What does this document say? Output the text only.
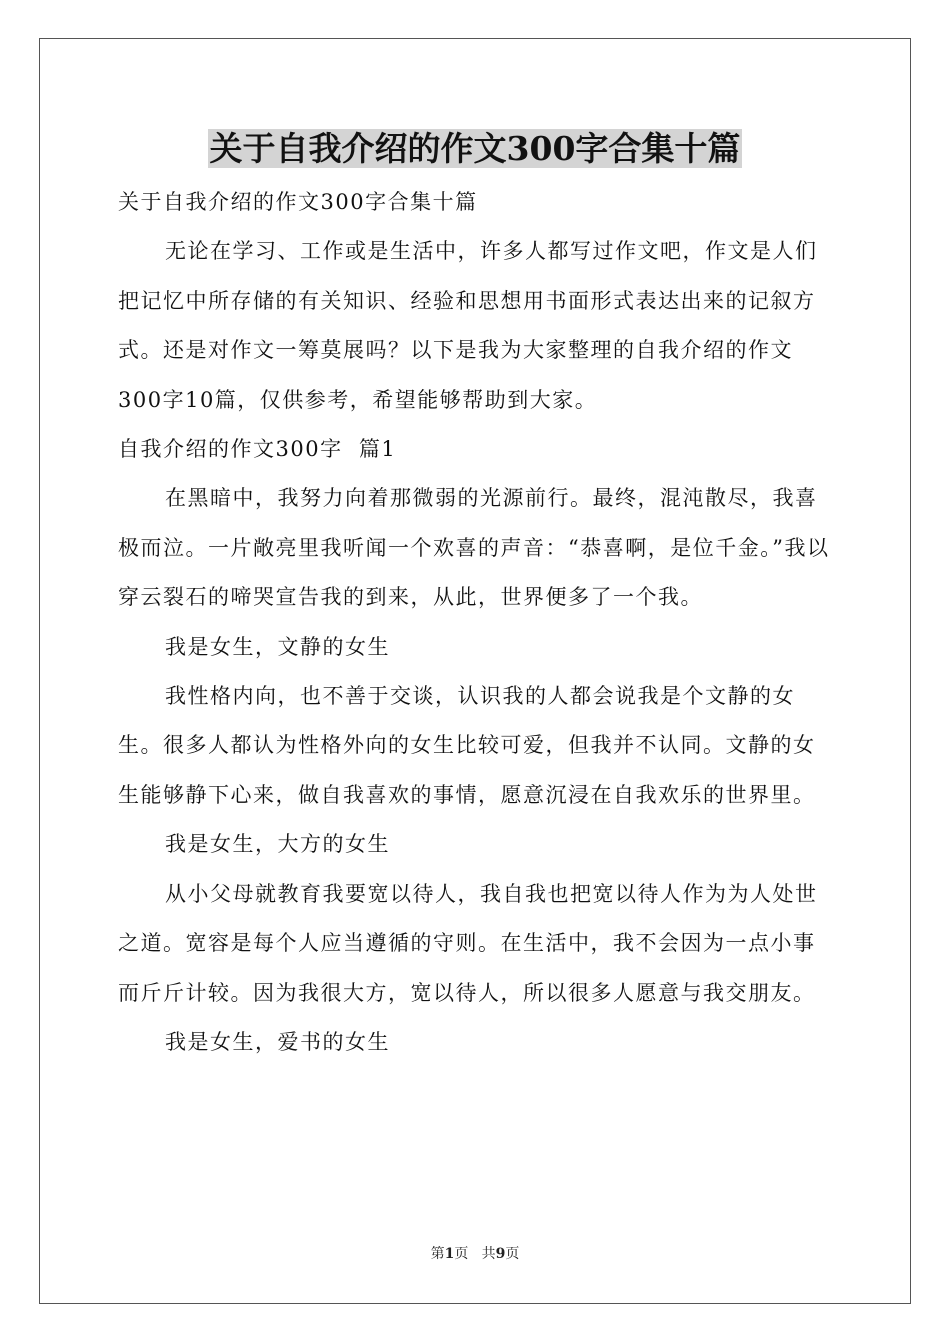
关于自我介绍的作文300字合集十篇

关于自我介绍的作文300字合集十篇

无论在学习、工作或是生活中，许多人都写过作文吧，作文是人们把记忆中所存储的有关知识、经验和思想用书面形式表达出来的记叙方式。还是对作文一筹莫展吗？以下是我为大家整理的自我介绍的作文300字10篇，仅供参考，希望能够帮助到大家。

自我介绍的作文300字  篇1

在黑暗中，我努力向着那微弱的光源前行。最终，混沌散尽，我喜极而泣。一片敞亮里我听闻一个欢喜的声音：“恭喜啊，是位千金。”我以穿云裂石的啼哭宣告我的到来，从此，世界便多了一个我。

我是女生，文静的女生

我性格内向，也不善于交谈，认识我的人都会说我是个文静的女生。很多人都认为性格外向的女生比较可爱，但我并不认同。文静的女生能够静下心来，做自我喜欢的事情，愿意沉浸在自我欢乐的世界里。

我是女生，大方的女生

从小父母就教育我要宽以待人，我自我也把宽以待人作为为人处世之道。宽容是每个人应当遵循的守则。在生活中，我不会因为一点小事而斤斤计较。因为我很大方，宽以待人，所以很多人愿意与我交朋友。

我是女生，爱书的女生

第1页 共9页
